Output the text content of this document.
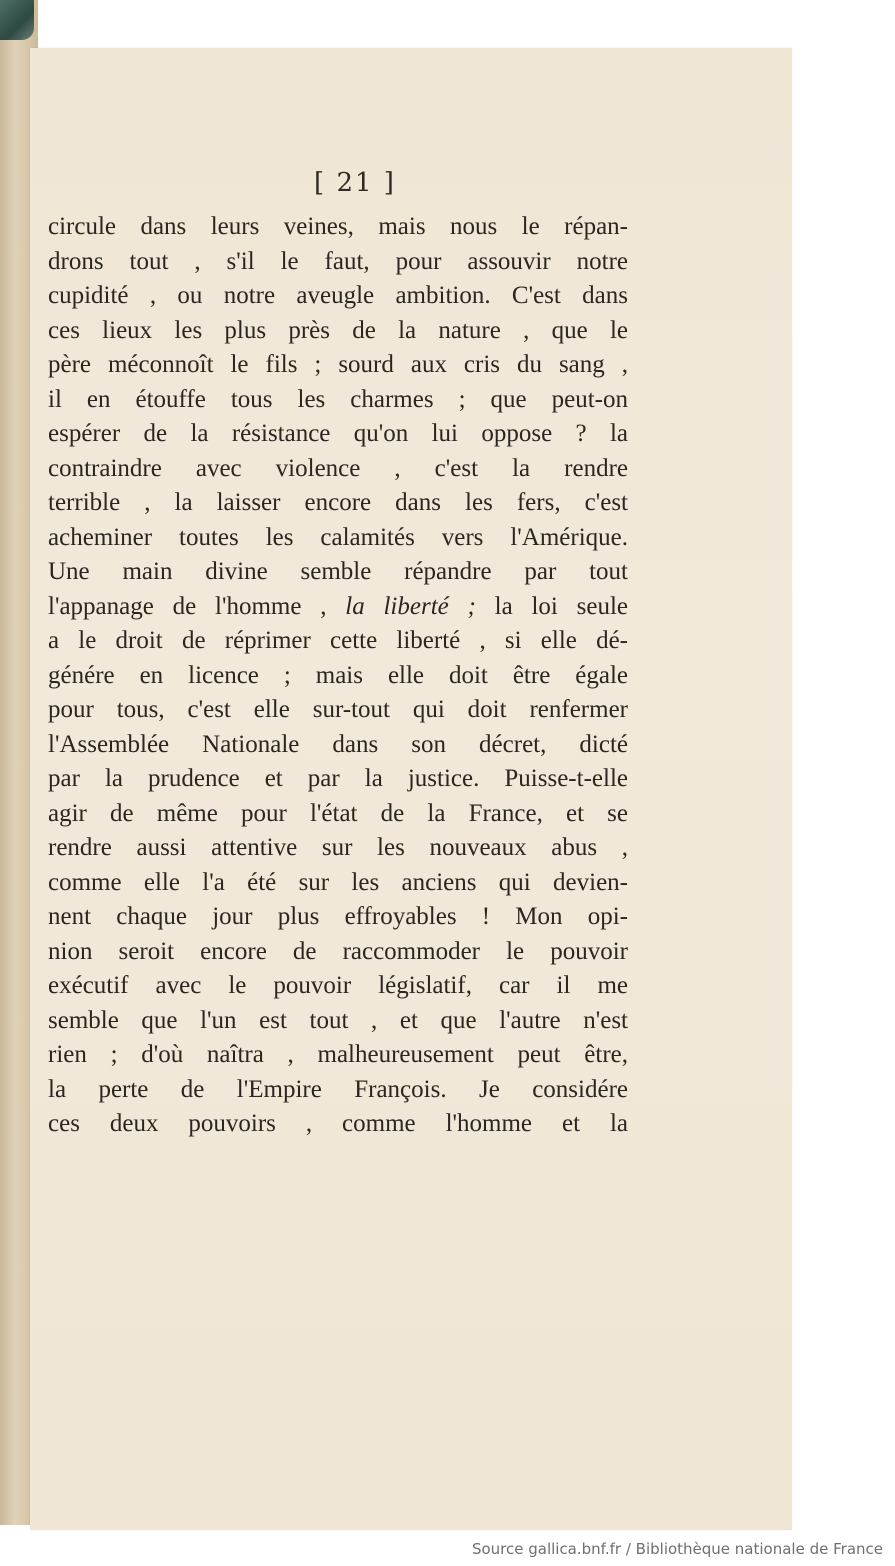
[ 21 ]
circule dans leurs veines, mais nous le répan-
drons tout , s'il le faut, pour assouvir notre
cupidité , ou notre aveugle ambition. C'est dans
ces lieux les plus près de la nature , que le
père méconnoît le fils ; sourd aux cris du sang ,
il en étouffe tous les charmes ; que peut-on
espérer de la résistance qu'on lui oppose ? la
contraindre avec violence , c'est la rendre
terrible , la laisser encore dans les fers, c'est
acheminer toutes les calamités vers l'Amérique.
Une main divine semble répandre par tout
l'appanage de l'homme , la liberté ; la loi seule
a le droit de réprimer cette liberté , si elle dé-
génére en licence ; mais elle doit être égale
pour tous, c'est elle sur-tout qui doit renfermer
l'Assemblée Nationale dans son décret, dicté
par la prudence et par la justice. Puisse-t-elle
agir de même pour l'état de la France, et se
rendre aussi attentive sur les nouveaux abus ,
comme elle l'a été sur les anciens qui devien-
nent chaque jour plus effroyables ! Mon opi-
nion seroit encore de raccommoder le pouvoir
exécutif avec le pouvoir législatif, car il me
semble que l'un est tout , et que l'autre n'est
rien ; d'où naîtra , malheureusement peut être,
la perte de l'Empire François. Je considére
ces deux pouvoirs , comme l'homme et la
Source gallica.bnf.fr / Bibliothèque nationale de France
